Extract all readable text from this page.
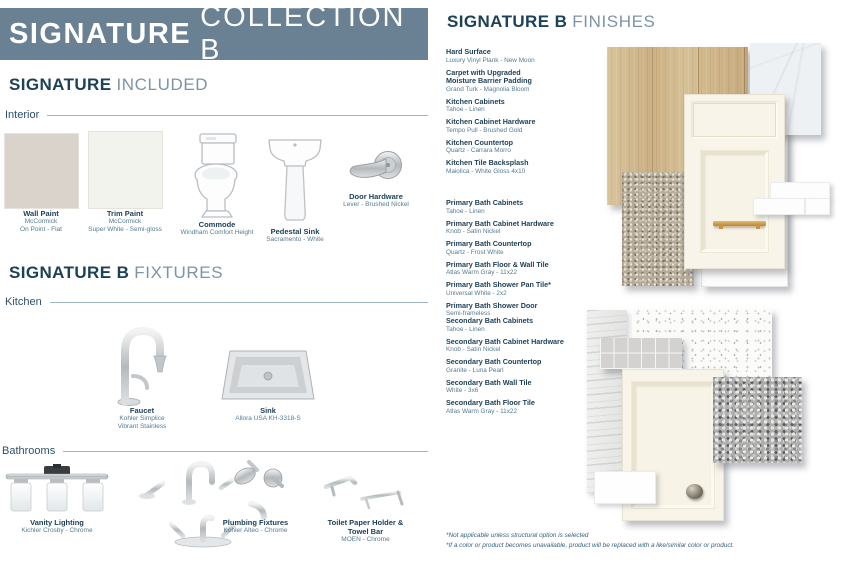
SIGNATURE
COLLECTION B
SIGNATURE INCLUDED
Interior
Wall Paint
McCormick
On Point - Flat
Trim Paint
McCormick
Super White - Semi-gloss	Commode
Windham Comfort Height	Pedestal Sink
Sacramento - White
Door Hardware
Lever - Brushed Nickel
SIGNATURE B FIXTURES
Kitchen
Faucet
Kohler Simplice
Vibrant Stainless
Sink
Allora USA KH-3318-S
Bathrooms
Vanity Lighting
Kichler Crosby - Chrome
Plumbing Fixtures
Kohler Alteo - Chrome
Toilet Paper Holder & Towel Bar
MOEN - Chrome
SIGNATURE B FINISHES
Hard Surface
Luxury Vinyl Plank - New Moon
Carpet with Upgraded
Moisture Barrier Padding
Grand Turk - Magnolia Bloom
Kitchen Cabinets
Tahoe - Linen
Kitchen Cabinet Hardware
Tempo Pull - Brushed Gold
Kitchen Countertop
Quartz - Carrara Morro
Kitchen Tile Backsplash
Maiolica - White Gloss 4x10
Primary Bath Cabinets
Tahoe - Linen
Primary Bath Cabinet Hardware
Knob - Satin Nickel
Primary Bath Countertop
Quartz - Frost White
Primary Bath Floor & Wall Tile
Atlas Warm Gray - 11x22
Primary Bath Shower Pan Tile*
Universal White - 2x2
Primary Bath Shower Door
Semi-frameless
Secondary Bath Cabinets
Tahoe - Linen
Secondary Bath Cabinet Hardware
Knob - Satin Nickel
Secondary Bath Countertop
Granite - Luna Pearl
Secondary Bath Wall Tile
White - 3x6
Secondary Bath Floor Tile
Atlas Warm Gray - 11x22
*Not applicable unless structural option is selected
*If a color or product becomes unavailable, product will be replaced with a like/similar color or product.
